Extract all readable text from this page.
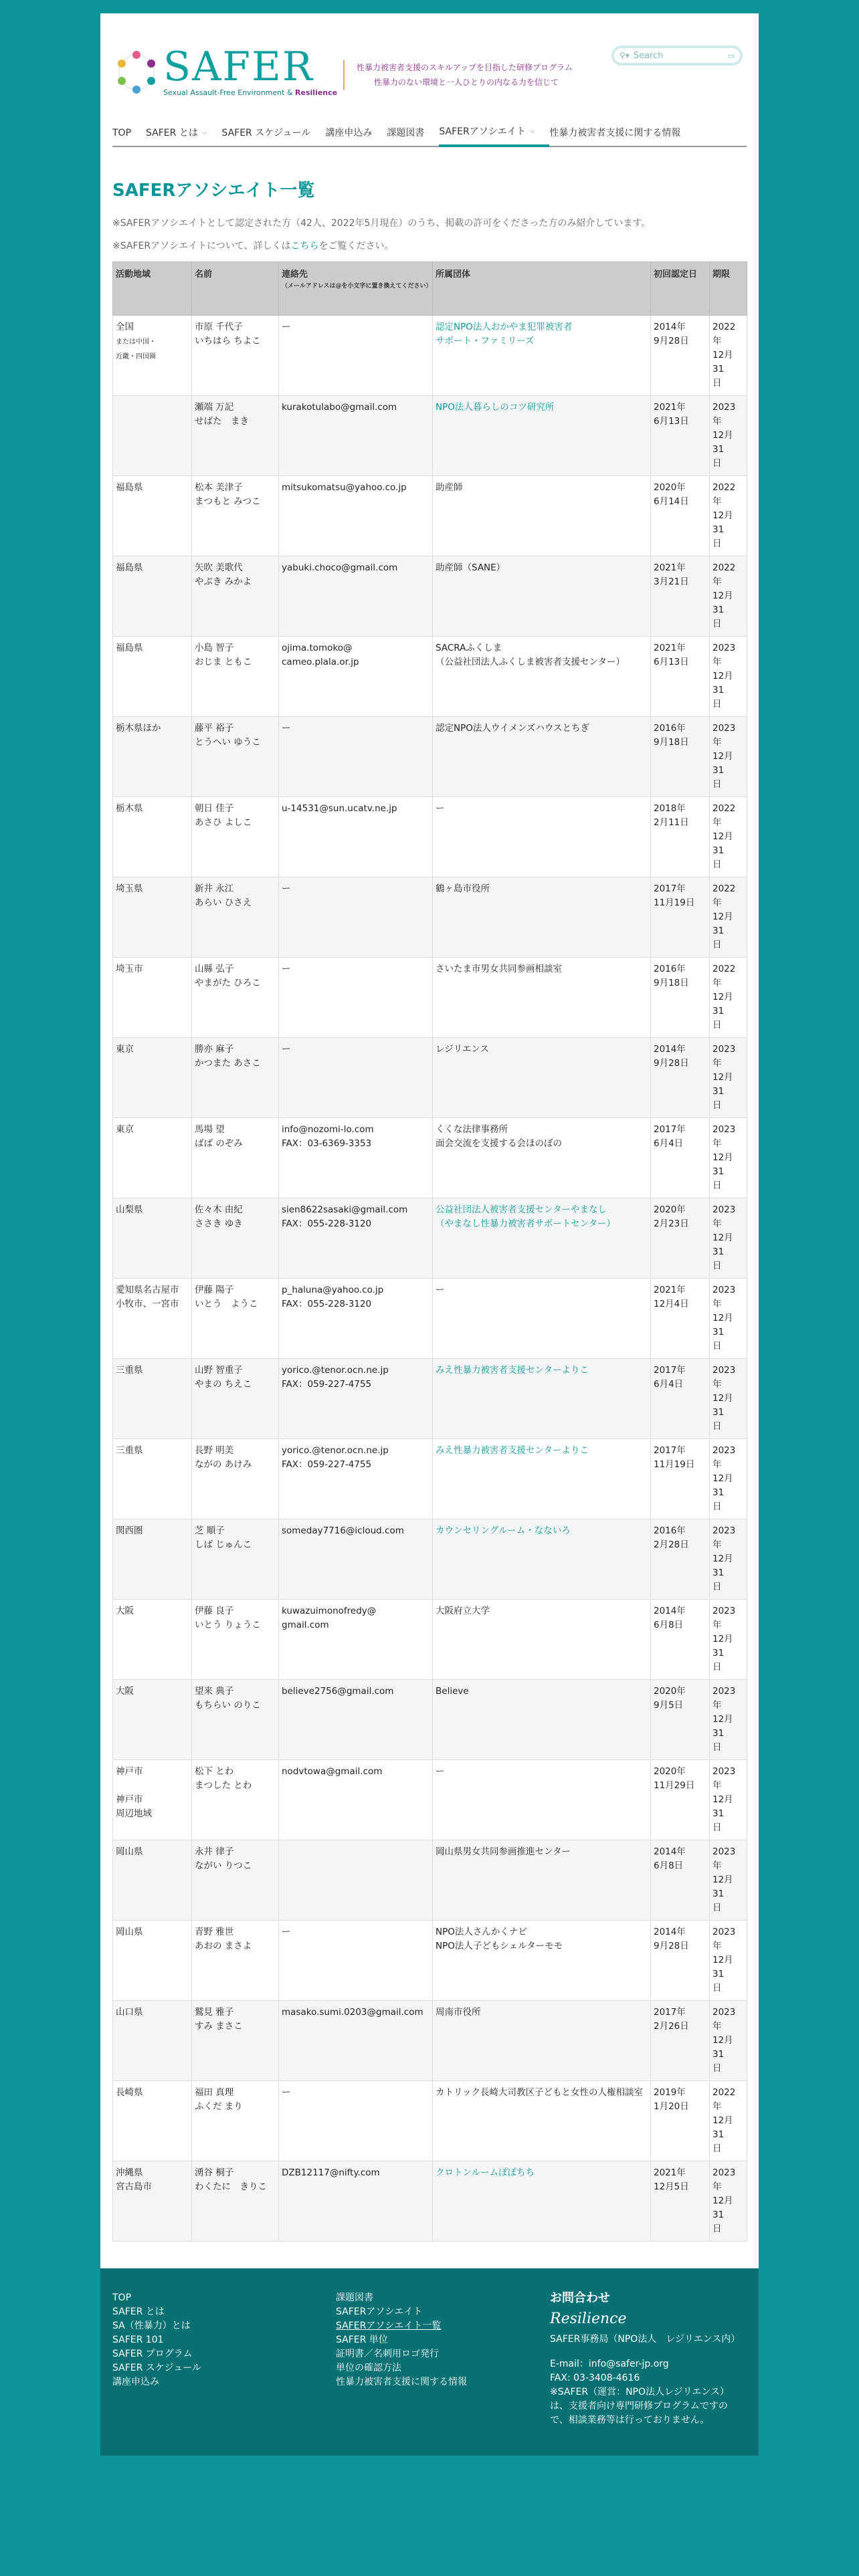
SAFER
Sexual Assault-Free Environment & Resilience
性暴力被害者支援のスキルアップを目指した研修プログラム
性暴力のない環境と一人ひとりの内なる力を信じて
⚲▾ Search	▭
TOP SAFER とは ⌵ SAFER スケジュール 講座申込み 課題図書 SAFERアソシエイト ⌵ 性暴力被害者支援に関する情報
SAFERアソシエイト一覧

※SAFERアソシエイトとして認定された方（42人、2022年5月現在）のうち、掲載の許可をくださった方のみ紹介しています。

※SAFERアソシエイトについて、詳しくはこちらをご覧ください。

活動地域	名前	連絡先
（メールアドレスは@を小文字に置き換えてください）	所属団体	初回認定日	期限
全国
または中国・
近畿・四国圏	市原 千代子
いちはら ちよこ	ー	認定NPO法人おかやま犯罪被害者
サポート・ファミリーズ	2014年
9月28日	2022年
12月31
日
	瀬端 万記
せばた　まき	kurakotulabo@gmail.com	NPO法人暮らしのコツ研究所	2021年
6月13日	2023年
12月31
日
福島県	松本 美津子
まつもと みつこ	mitsukomatsu@yahoo.co.jp	助産師	2020年
6月14日	2022年
12月31
日
福島県	矢吹 美歌代
やぶき みかよ	yabuki.choco@gmail.com	助産師（SANE）	2021年
3月21日	2022年
12月31
日
福島県	小島 智子
おじま ともこ	ojima.tomoko@
cameo.plala.or.jp	SACRAふくしま
（公益社団法人ふくしま被害者支援センター）	2021年
6月13日	2023年
12月31
日
栃木県ほか	藤平 裕子
とうへい ゆうこ	ー	認定NPO法人ウイメンズハウスとちぎ	2016年
9月18日	2023年
12月31
日
栃木県	朝日 佳子
あさひ よしこ	u-14531@sun.ucatv.ne.jp	ー	2018年
2月11日	2022年
12月31
日
埼玉県	新井 永江
あらい ひさえ	ー	鶴ヶ島市役所	2017年
11月19日	2022年
12月31
日
埼玉市	山縣 弘子
やまがた ひろこ	ー	さいたま市男女共同参画相談室	2016年
9月18日	2022年
12月31
日
東京	勝亦 麻子
かつまた あさこ	ー	レジリエンス	2014年
9月28日	2023年
12月31
日
東京	馬場 望
ばば のぞみ	info@nozomi-lo.com
FAX：03-6369-3353	くくな法律事務所
面会交流を支援する会ほのぼの	2017年
6月4日	2023年
12月31
日
山梨県	佐々木 由紀
ささき ゆき	sien8622sasaki@gmail.com
FAX：055-228-3120	公益社団法人被害者支援センターやまなし
（やまなし性暴力被害者サポートセンター）	2020年
2月23日	2023年
12月31
日
愛知県名古屋市
小牧市、一宮市	伊藤 陽子
いとう　ようこ	p_haluna@yahoo.co.jp
FAX：055-228-3120	ー	2021年
12月4日	2023年
12月31
日
三重県	山野 智重子
やまの ちえこ	yorico.@tenor.ocn.ne.jp
FAX：059-227-4755	みえ性暴力被害者支援センターよりこ	2017年
6月4日	2023年
12月31
日
三重県	長野 明美
ながの あけみ	yorico.@tenor.ocn.ne.jp
FAX：059-227-4755	みえ性暴力被害者支援センターよりこ	2017年
11月19日	2023年
12月31
日
関西圏	芝 順子
しば じゅんこ	someday7716@icloud.com	カウンセリングルーム・なないろ	2016年
2月28日	2023年
12月31
日
大阪	伊藤 良子
いとう りょうこ	kuwazuimonofredy@
gmail.com	大阪府立大学	2014年
6月8日	2023年
12月31
日
大阪	望来 典子
もちらい のりこ	believe2756@gmail.com	Believe	2020年
9月5日	2023年
12月31
日
神戸市

神戸市
周辺地域	松下 とわ
まつした とわ	nodvtowa@gmail.com	ー	2020年
11月29日	2023年
12月31
日
岡山県	永井 律子
ながい りつこ		岡山県男女共同参画推進センター	2014年
6月8日	2023年
12月31
日
岡山県	青野 雅世
あおの まさよ	ー	NPO法人さんかくナビ
NPO法人子どもシェルターモモ	2014年
9月28日	2023年
12月31
日
山口県	鷲見 雅子
すみ まさこ	masako.sumi.0203@gmail.com	周南市役所	2017年
2月26日	2023年
12月31
日
長崎県	福田 真理
ふくだ まり	ー	カトリック長崎大司教区子どもと女性の人権相談室	2019年
1月20日	2022年
12月31
日
沖縄県
宮古島市	湧谷 桐子
わくたに　きりこ	DZB12117@nifty.com	クロトンルームぽぽちち	2021年
12月5日	2023年
12月31
日
TOP
SAFER とは
SA（性暴力）とは
SAFER 101
SAFER プログラム
SAFER スケジュール
講座申込み
課題図書
SAFERアソシエイト
SAFERアソシエイト一覧
SAFER 単位
証明書／名刺用ロゴ発行
単位の確認方法
性暴力被害者支援に関する情報
お問合わせ
Resilience
SAFER事務局（NPO法人　レジリエンス内）
E-mail：info@safer-jp.org
FAX: 03-3408-4616
※SAFER（運営：NPO法人レジリエンス）は、支援者向け専門研修プログラムですので、相談業務等は行っておりません。
